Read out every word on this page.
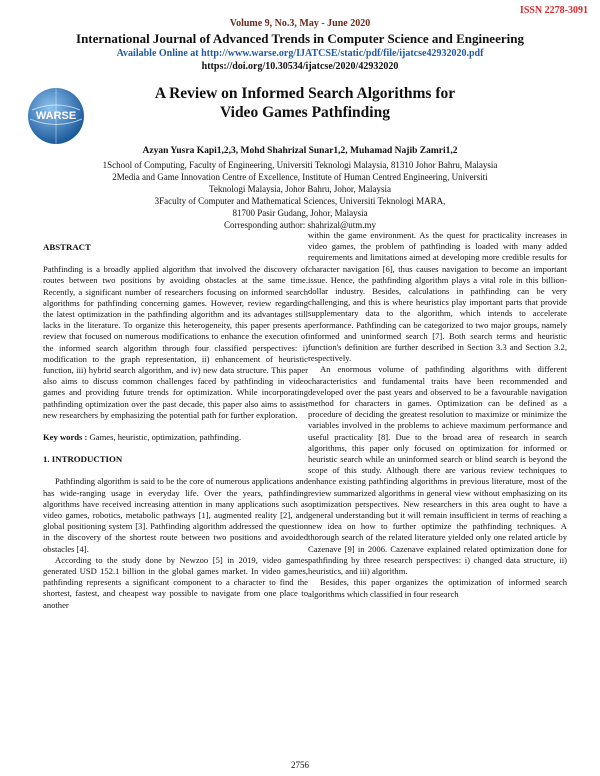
ISSN 2278-3091
Volume 9, No.3, May - June 2020
International Journal of Advanced Trends in Computer Science and Engineering
Available Online at http://www.warse.org/IJATCSE/static/pdf/file/ijatcse42932020.pdf
https://doi.org/10.30534/ijatcse/2020/42932020
WARSE
A Review on Informed Search Algorithms for
Video Games Pathfinding
Azyan Yusra Kapi1,2,3, Mohd Shahrizal Sunar1,2, Muhamad Najib Zamri1,2
1School of Computing, Faculty of Engineering, Universiti Teknologi Malaysia, 81310 Johor Bahru, Malaysia
2Media and Game Innovation Centre of Excellence, Institute of Human Centred Engineering, Universiti
Teknologi Malaysia, Johor Bahru, Johor, Malaysia
3Faculty of Computer and Mathematical Sciences, Universiti Teknologi MARA,
81700 Pasir Gudang, Johor, Malaysia
Corresponding author: shahrizal@utm.my

ABSTRACT

Pathfinding is a broadly applied algorithm that involved the discovery of routes between two positions by avoiding obstacles at the same time. Recently, a significant number of researchers focusing on informed search algorithms for pathfinding concerning games. However, review regarding the latest optimization in the pathfinding algorithm and its advantages still lacks in the literature. To organize this heterogeneity, this paper presents a review that focused on numerous modifications to enhance the execution of the informed search algorithm through four classified perspectives: i) modification to the graph representation, ii) enhancement of heuristic function, iii) hybrid search algorithm, and iv) new data structure. This paper also aims to discuss common challenges faced by pathfinding in video games and providing future trends for optimization. While incorporating pathfinding optimization over the past decade, this paper also aims to assist new researchers by emphasizing the potential path for further exploration.

Key words : Games, heuristic, optimization, pathfinding.

1. INTRODUCTION

Pathfinding algorithm is said to be the core of numerous applications and has wide-ranging usage in everyday life. Over the years, pathfinding algorithms have received increasing attention in many applications such as video games, robotics, metabolic pathways [1], augmented reality [2], and global positioning system [3]. Pathfinding algorithm addressed the question in the discovery of the shortest route between two positions and avoided obstacles [4].

According to the study done by Newzoo [5] in 2019, video games generated USD 152.1 billion in the global games market. In video games, pathfinding represents a significant component to a character to find the shortest, fastest, and cheapest way possible to navigate from one place to another

within the game environment. As the quest for practicality increases in video games, the problem of pathfinding is loaded with many added requirements and limitations aimed at developing more credible results for character navigation [6], thus causes navigation to become an important issue. Hence, the pathfinding algorithm plays a vital role in this billion-dollar industry. Besides, calculations in pathfinding can be very challenging, and this is where heuristics play important parts that provide supplementary data to the algorithm, which intends to accelerate performance. Pathfinding can be categorized to two major groups, namely informed and uninformed search [7]. Both search terms and heuristic function's definition are further described in Section 3.3 and Section 3.2, respectively.

An enormous volume of pathfinding algorithms with different characteristics and fundamental traits have been recommended and developed over the past years and observed to be a favourable navigation method for characters in games. Optimization can be defined as a procedure of deciding the greatest resolution to maximize or minimize the variables involved in the problems to achieve maximum performance and useful practicality [8]. Due to the broad area of research in search algorithms, this paper only focused on optimization for informed or heuristic search while an uninformed search or blind search is beyond the scope of this study. Although there are various review techniques to enhance existing pathfinding algorithms in previous literature, most of the review summarized algorithms in general view without emphasizing on its optimization perspectives. New researchers in this area ought to have a general understanding but it will remain insufficient in terms of reaching a new idea on how to further optimize the pathfinding techniques. A thorough search of the related literature yielded only one related article by Cazenave [9] in 2006. Cazenave explained related optimization done for pathfinding by three research perspectives: i) changed data structure, ii) heuristics, and iii) algorithm.

Besides, this paper organizes the optimization of informed search algorithms which classified in four research

2756
